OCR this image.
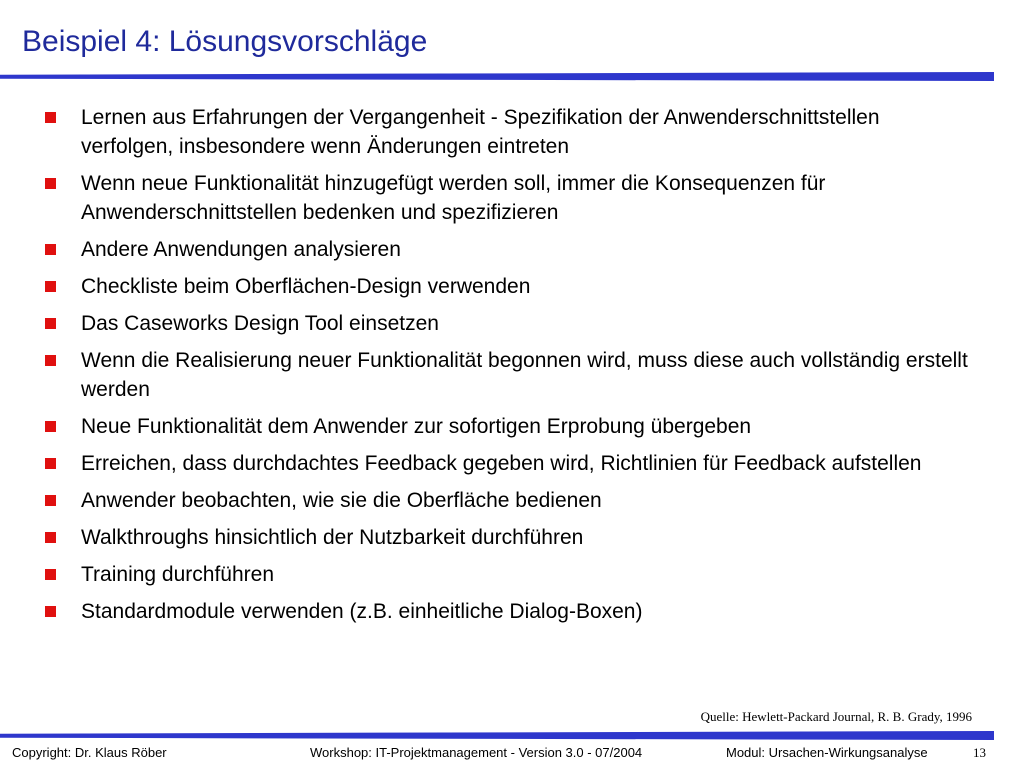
Beispiel 4: Lösungsvorschläge
Lernen aus Erfahrungen der Vergangenheit - Spezifikation der Anwenderschnittstellen verfolgen, insbesondere wenn Änderungen eintreten
Wenn neue Funktionalität hinzugefügt werden soll, immer die Konsequenzen für Anwenderschnittstellen bedenken und spezifizieren
Andere Anwendungen analysieren
Checkliste beim Oberflächen-Design verwenden
Das Caseworks Design Tool einsetzen
Wenn die Realisierung neuer Funktionalität begonnen wird, muss diese auch vollständig erstellt werden
Neue Funktionalität dem Anwender zur sofortigen Erprobung übergeben
Erreichen, dass durchdachtes Feedback gegeben wird, Richtlinien für Feedback aufstellen
Anwender beobachten, wie sie die Oberfläche bedienen
Walkthroughs hinsichtlich der Nutzbarkeit durchführen
Training durchführen
Standardmodule verwenden (z.B. einheitliche Dialog-Boxen)
Quelle: Hewlett-Packard Journal, R. B. Grady, 1996
Copyright: Dr. Klaus Röber	Workshop: IT-Projektmanagement - Version 3.0 - 07/2004	Modul: Ursachen-Wirkungsanalyse	13
